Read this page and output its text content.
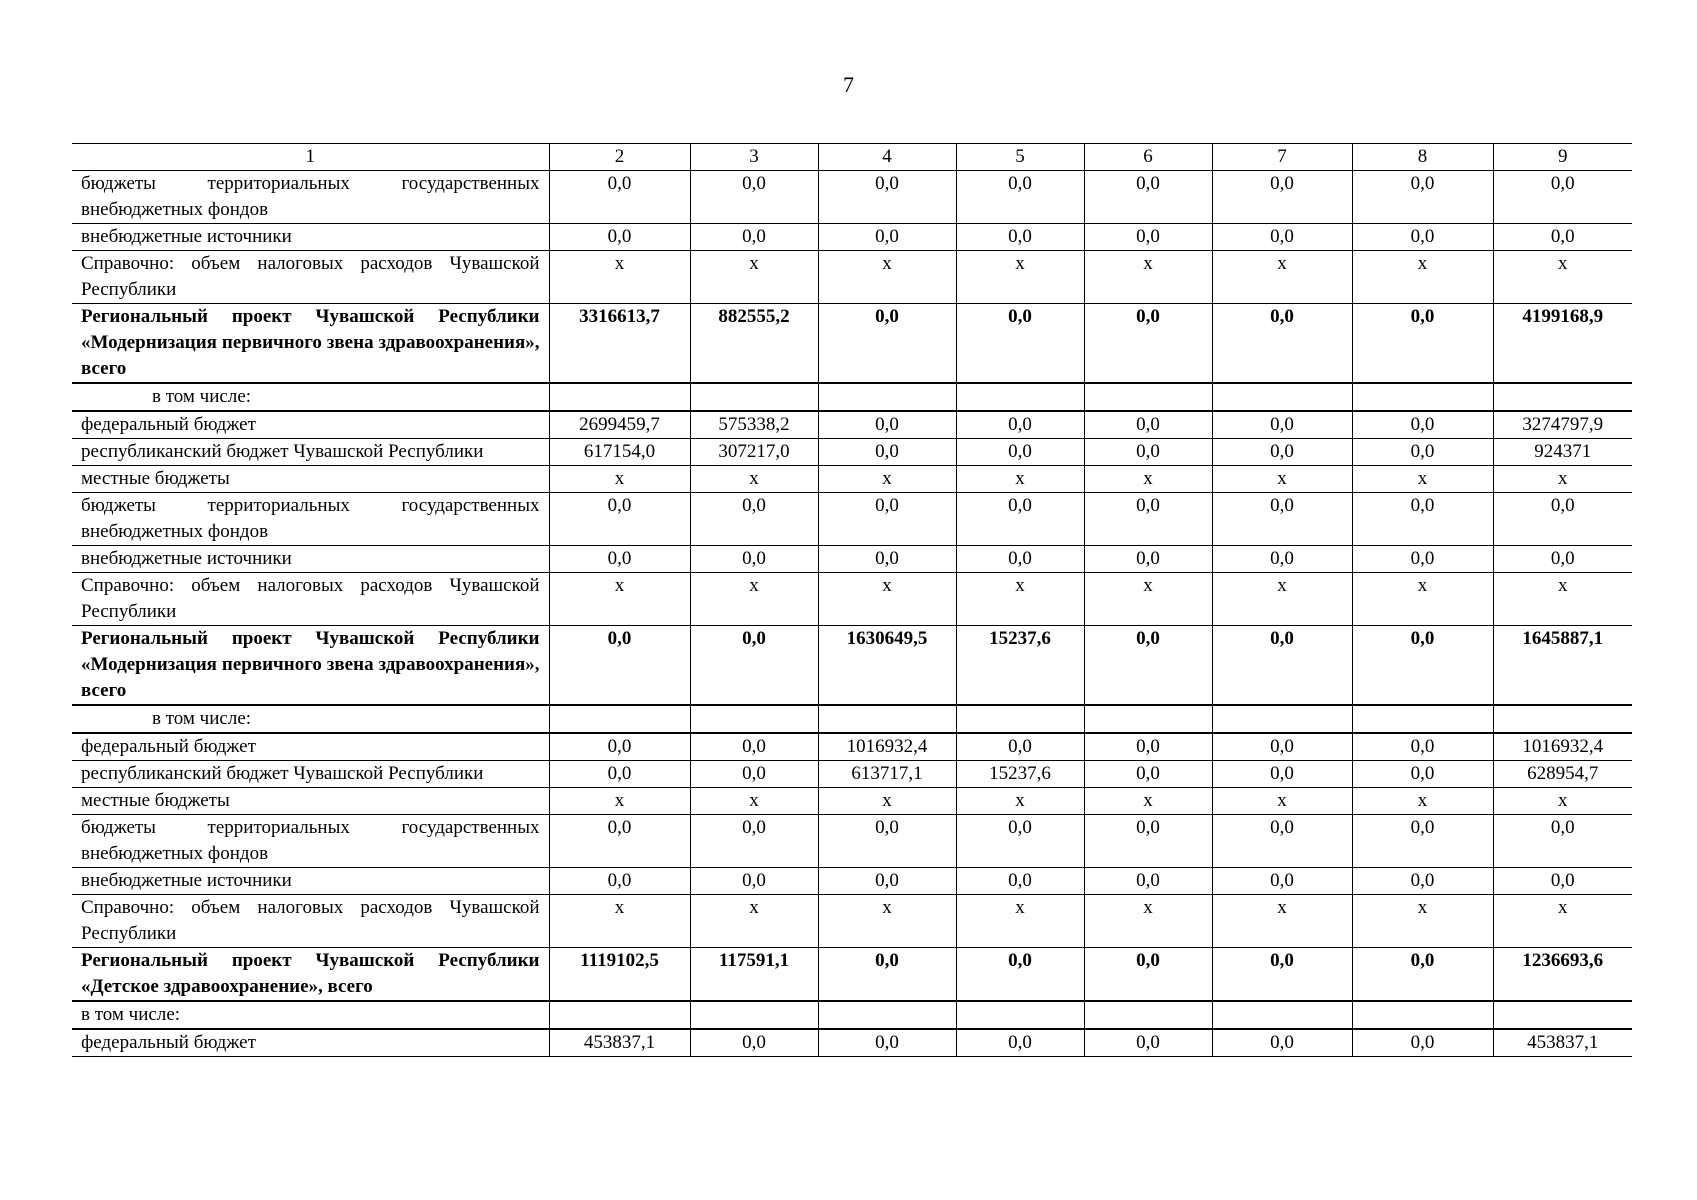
7
1	2	3	4	5	6	7	8	9
бюджеты территориальных государственных внебюджетных фондов	0,0	0,0	0,0	0,0	0,0	0,0	0,0	0,0
внебюджетные источники	0,0	0,0	0,0	0,0	0,0	0,0	0,0	0,0
Справочно: объем налоговых расходов Чувашской Республики	x	x	x	x	x	x	x	x
Региональный проект Чувашской Республики «Модернизация первичного звена здравоохранения», всего	3316613,7	882555,2	0,0	0,0	0,0	0,0	0,0	4199168,9
в том числе:								
федеральный бюджет	2699459,7	575338,2	0,0	0,0	0,0	0,0	0,0	3274797,9
республиканский бюджет Чувашской Республики	617154,0	307217,0	0,0	0,0	0,0	0,0	0,0	924371
местные бюджеты	x	x	x	x	x	x	x	x
бюджеты территориальных государственных внебюджетных фондов	0,0	0,0	0,0	0,0	0,0	0,0	0,0	0,0
внебюджетные источники	0,0	0,0	0,0	0,0	0,0	0,0	0,0	0,0
Справочно: объем налоговых расходов Чувашской Республики	x	x	x	x	x	x	x	x
Региональный проект Чувашской Республики «Модернизация первичного звена здравоохранения», всего	0,0	0,0	1630649,5	15237,6	0,0	0,0	0,0	1645887,1
в том числе:								
федеральный бюджет	0,0	0,0	1016932,4	0,0	0,0	0,0	0,0	1016932,4
республиканский бюджет Чувашской Республики	0,0	0,0	613717,1	15237,6	0,0	0,0	0,0	628954,7
местные бюджеты	x	x	x	x	x	x	x	x
бюджеты территориальных государственных внебюджетных фондов	0,0	0,0	0,0	0,0	0,0	0,0	0,0	0,0
внебюджетные источники	0,0	0,0	0,0	0,0	0,0	0,0	0,0	0,0
Справочно: объем налоговых расходов Чувашской Республики	x	x	x	x	x	x	x	x
Региональный проект Чувашской Республики «Детское здравоохранение», всего	1119102,5	117591,1	0,0	0,0	0,0	0,0	0,0	1236693,6
в том числе:								
федеральный бюджет	453837,1	0,0	0,0	0,0	0,0	0,0	0,0	453837,1
